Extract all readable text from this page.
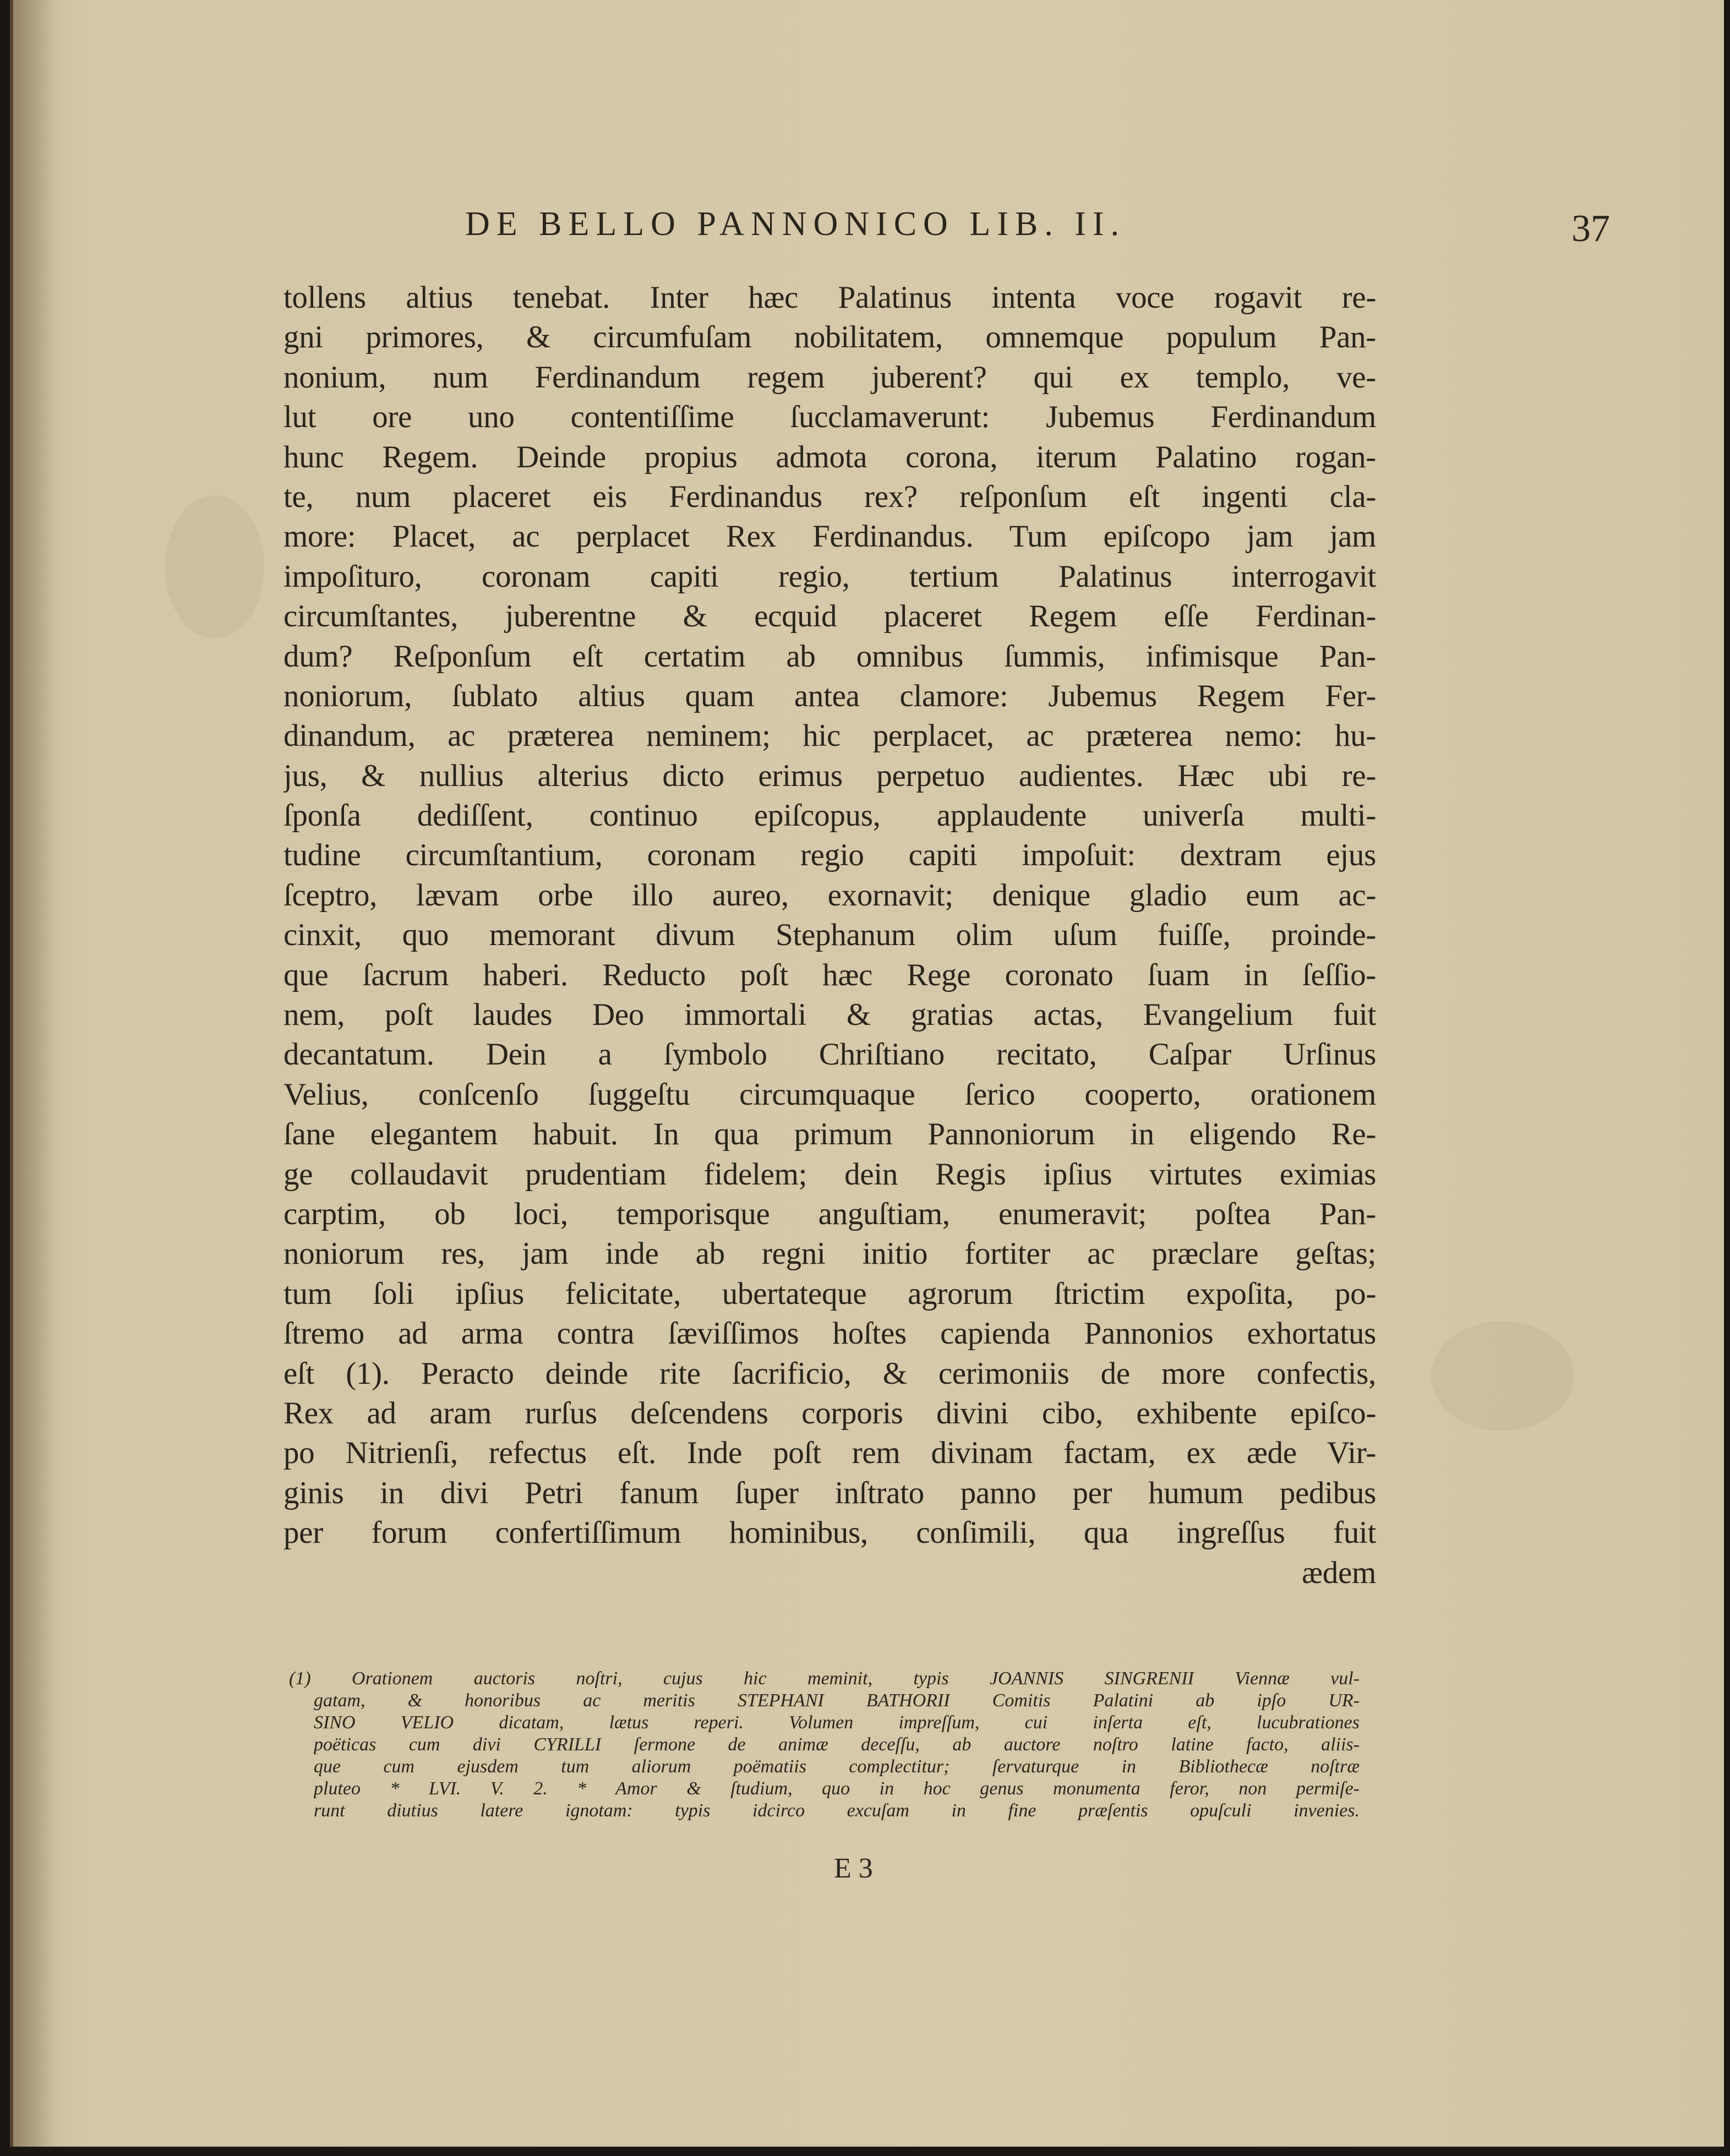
DE BELLO PANNONICO LIB. II.	37
tollens altius tenebat. Inter hæc Palatinus intenta voce rogavit re-
gni primores, & circumfuſam nobilitatem, omnemque populum Pan-
nonium, num Ferdinandum regem juberent? qui ex templo, ve-
lut ore uno contentiſſime ſucclamaverunt: Jubemus Ferdinandum
hunc Regem. Deinde propius admota corona, iterum Palatino rogan-
te, num placeret eis Ferdinandus rex? reſponſum eſt ingenti cla-
more: Placet, ac perplacet Rex Ferdinandus. Tum epiſcopo jam jam
impoſituro, coronam capiti regio, tertium Palatinus interrogavit
circumſtantes, juberentne & ecquid placeret Regem eſſe Ferdinan-
dum? Reſponſum eſt certatim ab omnibus ſummis, infimisque Pan-
noniorum, ſublato altius quam antea clamore: Jubemus Regem Fer-
dinandum, ac præterea neminem; hic perplacet, ac præterea nemo: hu-
jus, & nullius alterius dicto erimus perpetuo audientes. Hæc ubi re-
ſponſa dediſſent, continuo epiſcopus, applaudente univerſa multi-
tudine circumſtantium, coronam regio capiti impoſuit: dextram ejus
ſceptro, lævam orbe illo aureo, exornavit; denique gladio eum ac-
cinxit, quo memorant divum Stephanum olim uſum fuiſſe, proinde-
que ſacrum haberi. Reducto poſt hæc Rege coronato ſuam in ſeſſio-
nem, poſt laudes Deo immortali & gratias actas, Evangelium fuit
decantatum. Dein a ſymbolo Chriſtiano recitato, Caſpar Urſinus
Velius, conſcenſo ſuggeſtu circumquaque ſerico cooperto, orationem
ſane elegantem habuit. In qua primum Pannoniorum in eligendo Re-
ge collaudavit prudentiam fidelem; dein Regis ipſius virtutes eximias
carptim, ob loci, temporisque anguſtiam, enumeravit; poſtea Pan-
noniorum res, jam inde ab regni initio fortiter ac præclare geſtas;
tum ſoli ipſius felicitate, ubertateque agrorum ſtrictim expoſita, po-
ſtremo ad arma contra ſæviſſimos hoſtes capienda Pannonios exhortatus
eſt (1). Peracto deinde rite ſacrificio, & cerimoniis de more confectis,
Rex ad aram rurſus deſcendens corporis divini cibo, exhibente epiſco-
po Nitrienſi, refectus eſt. Inde poſt rem divinam factam, ex æde Vir-
ginis in divi Petri fanum ſuper inſtrato panno per humum pedibus
per forum confertiſſimum hominibus, conſimili, qua ingreſſus fuit
ædem
(1) Orationem auctoris noſtri, cujus hic meminit, typis JOANNIS SINGRENII Viennæ vul-
gatam, & honoribus ac meritis STEPHANI BATHORII Comitis Palatini ab ipſo UR-
SINO VELIO dicatam, lætus reperi. Volumen impreſſum, cui inſerta eſt, lucubrationes
poëticas cum divi CYRILLI ſermone de animæ deceſſu, ab auctore noſtro latine facto, aliis-
que cum ejusdem tum aliorum poëmatiis complectitur; ſervaturque in Bibliothecæ noſtræ
pluteo * LVI. V. 2. * Amor & ſtudium, quo in hoc genus monumenta feror, non permiſe-
runt diutius latere ignotam: typis idcirco excuſam in fine præſentis opuſculi invenies.
E 3
